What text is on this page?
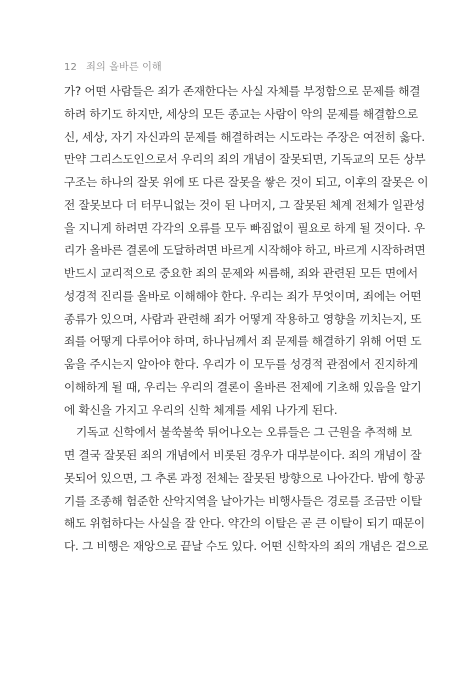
12 죄의 올바른 이해
가? 어떤 사람들은 죄가 존재한다는 사실 자체를 부정함으로 문제를 해결
하려 하기도 하지만, 세상의 모든 종교는 사람이 악의 문제를 해결함으로
신, 세상, 자기 자신과의 문제를 해결하려는 시도라는 주장은 여전히 옳다.
만약 그리스도인으로서 우리의 죄의 개념이 잘못되면, 기독교의 모든 상부
구조는 하나의 잘못 위에 또 다른 잘못을 쌓은 것이 되고, 이후의 잘못은 이
전 잘못보다 더 터무니없는 것이 된 나머지, 그 잘못된 체계 전체가 일관성
을 지니게 하려면 각각의 오류를 모두 빠짐없이 필요로 하게 될 것이다. 우
리가 올바른 결론에 도달하려면 바르게 시작해야 하고, 바르게 시작하려면
반드시 교리적으로 중요한 죄의 문제와 씨름해, 죄와 관련된 모든 면에서
성경적 진리를 올바로 이해해야 한다. 우리는 죄가 무엇이며, 죄에는 어떤
종류가 있으며, 사람과 관련해 죄가 어떻게 작용하고 영향을 끼치는지, 또
죄를 어떻게 다루어야 하며, 하나님께서 죄 문제를 해결하기 위해 어떤 도
움을 주시는지 알아야 한다. 우리가 이 모두를 성경적 관점에서 진지하게
이해하게 될 때, 우리는 우리의 결론이 올바른 전제에 기초해 있음을 알기
에 확신을 가지고 우리의 신학 체계를 세워 나가게 된다.
기독교 신학에서 불쑥불쑥 튀어나오는 오류들은 그 근원을 추적해 보
면 결국 잘못된 죄의 개념에서 비롯된 경우가 대부분이다. 죄의 개념이 잘
못되어 있으면, 그 추론 과정 전체는 잘못된 방향으로 나아간다. 밤에 항공
기를 조종해 험준한 산악지역을 날아가는 비행사들은 경로를 조금만 이탈
해도 위험하다는 사실을 잘 안다. 약간의 이탈은 곧 큰 이탈이 되기 때문이
다. 그 비행은 재앙으로 끝날 수도 있다. 어떤 신학자의 죄의 개념은 겉으로
